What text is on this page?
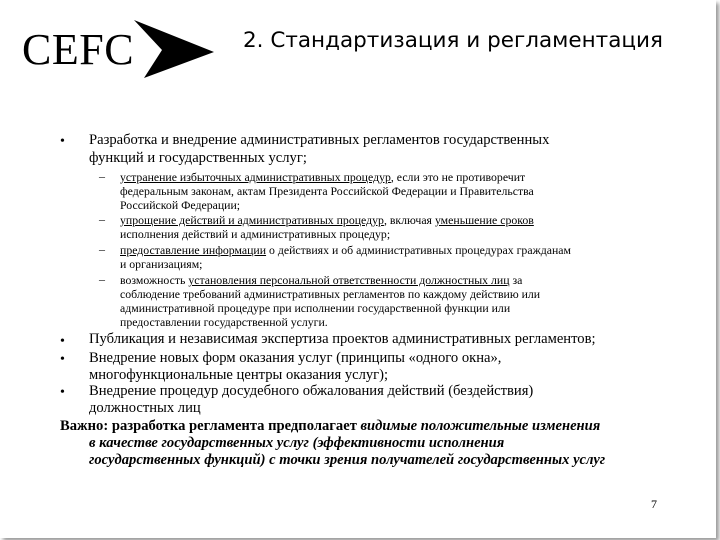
CEFC	2. Стандартизация и регламентация
• Разработка и внедрение административных регламентов государственных
функций и государственных услуг;
– устранение избыточных административных процедур, если это не противоречит
федеральным законам, актам Президента Российской Федерации и Правительства
Российской Федерации;
– упрощение действий и административных процедур, включая уменьшение сроков
исполнения действий и административных процедур;
– предоставление информации о действиях и об административных процедурах гражданам
и организациям;
– возможность установления персональной ответственности должностных лиц за
соблюдение требований административных регламентов по каждому действию или
административной процедуре при исполнении государственной функции или
предоставлении государственной услуги.
• Публикация и независимая экспертиза проектов административных регламентов;
• Внедрение новых форм оказания услуг (принципы «одного окна»,
многофункциональные центры оказания услуг);
• Внедрение процедур досудебного обжалования действий (бездействия)
должностных лиц
Важно: разработка регламента предполагает видимые положительные изменения
в качестве государственных услуг (эффективности исполнения
государственных функций) с точки зрения получателей государственных услуг
7
